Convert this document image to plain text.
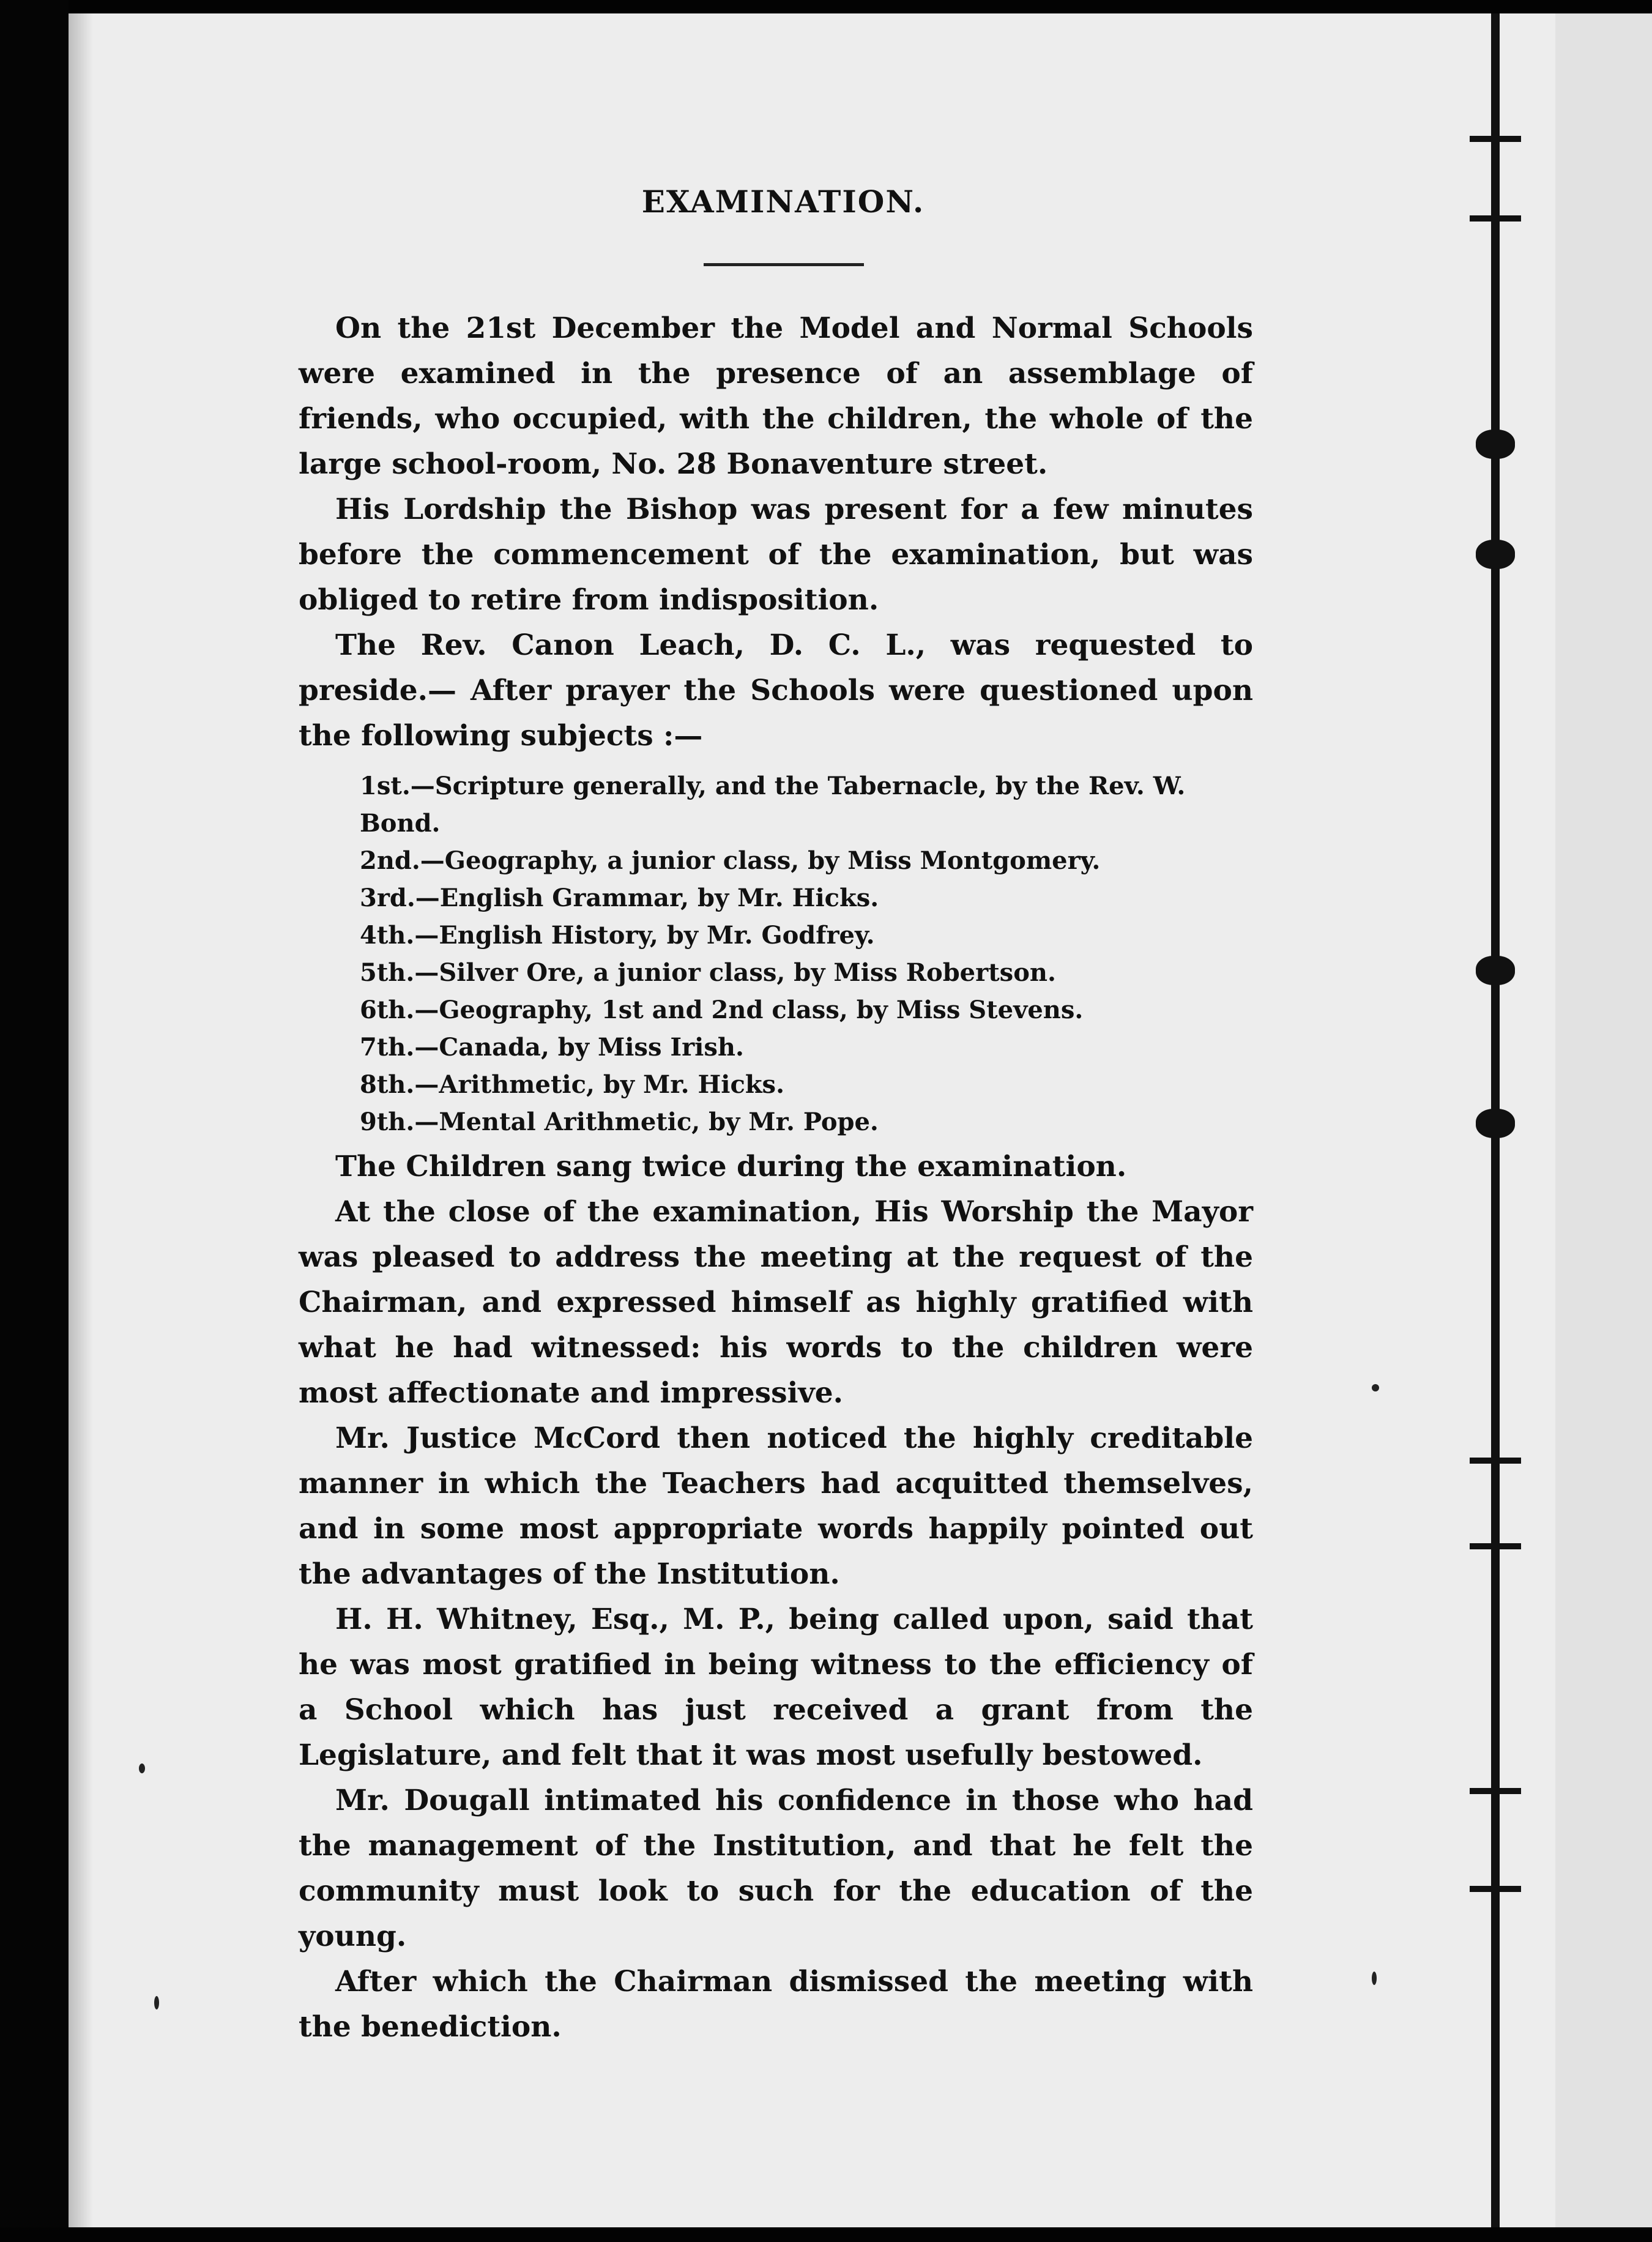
EXAMINATION.

On the 21st December the Model and Normal Schools were examined in the presence of an assemblage of friends, who occupied, with the children, the whole of the large school-room, No. 28 Bonaventure street.

His Lordship the Bishop was present for a few minutes before the commencement of the examination, but was obliged to retire from indisposition.

The Rev. Canon Leach, D. C. L., was requested to preside.— After prayer the Schools were questioned upon the following subjects :—

1st.—Scripture generally, and the Tabernacle, by the Rev. W. Bond.
2nd.—Geography, a junior class, by Miss Montgomery.
3rd.—English Grammar, by Mr. Hicks.
4th.—English History, by Mr. Godfrey.
5th.—Silver Ore, a junior class, by Miss Robertson.
6th.—Geography, 1st and 2nd class, by Miss Stevens.
7th.—Canada, by Miss Irish.
8th.—Arithmetic, by Mr. Hicks.
9th.—Mental Arithmetic, by Mr. Pope.

The Children sang twice during the examination.

At the close of the examination, His Worship the Mayor was pleased to address the meeting at the request of the Chairman, and expressed himself as highly gratified with what he had witnessed: his words to the children were most affectionate and impressive.

Mr. Justice McCord then noticed the highly creditable manner in which the Teachers had acquitted themselves, and in some most appropriate words happily pointed out the advantages of the Institution.

H. H. Whitney, Esq., M. P., being called upon, said that he was most gratified in being witness to the efficiency of a School which has just received a grant from the Legislature, and felt that it was most usefully bestowed.

Mr. Dougall intimated his confidence in those who had the management of the Institution, and that he felt the community must look to such for the education of the young.

After which the Chairman dismissed the meeting with the benediction.
